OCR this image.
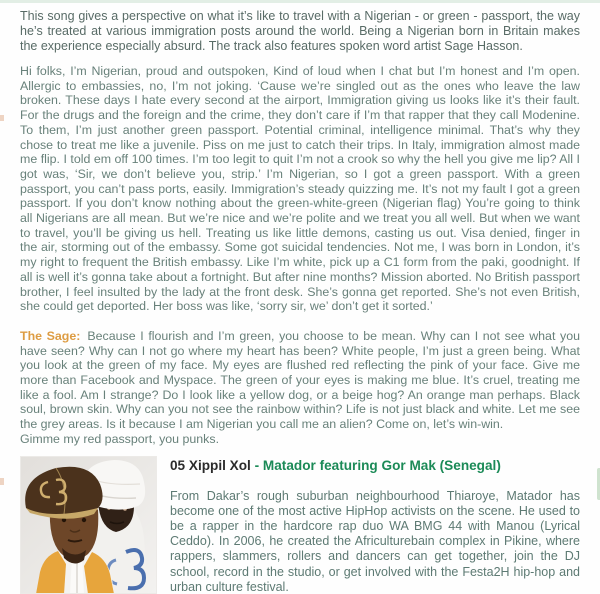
This song gives a perspective on what it’s like to travel with a Nigerian - or green - passport, the way he’s treated at various immigration posts around the world. Being a Nigerian born in Britain makes the experience especially absurd. The track also features spoken word artist Sage Hasson.

Hi folks, I’m Nigerian, proud and outspoken, Kind of loud when I chat but I’m honest and I’m open. Allergic to embassies, no, I’m not joking. ‘Cause we’re singled out as the ones who leave the law broken. These days I hate every second at the airport, Immigration giving us looks like it’s their fault. For the drugs and the foreign and the crime, they don’t care if I’m that rapper that they call Modenine. To them, I’m just another green passport. Potential criminal, intelligence minimal. That’s why they chose to treat me like a juvenile. Piss on me just to catch their trips. In Italy, immigration almost made me flip. I told em off 100 times. I’m too legit to quit I’m not a crook so why the hell you give me lip? All I got was, ‘Sir, we don’t believe you, strip.’ I’m Nigerian, so I got a green passport. With a green passport, you can’t pass ports, easily. Immigration’s steady quizzing me. It’s not my fault I got a green passport. If you don’t know nothing about the green-white-green (Nigerian flag) You’re going to think all Nigerians are all mean. But we’re nice and we’re polite and we treat you all well. But when we want to travel, you’ll be giving us hell. Treating us like little demons, casting us out. Visa denied, finger in the air, storming out of the embassy. Some got suicidal tendencies. Not me, I was born in London, it’s my right to frequent the British embassy. Like I’m white, pick up a C1 form from the paki, goodnight. If all is well it’s gonna take about a fortnight. But after nine months? Mission aborted. No British passport brother, I feel insulted by the lady at the front desk. She’s gonna get reported. She’s not even British, she could get deported. Her boss was like, ‘sorry sir, we’ don’t get it sorted.’

The Sage: Because I flourish and I’m green, you choose to be mean. Why can I not see what you have seen? Why can I not go where my heart has been? White people, I’m just a green being. What you look at the green of my face. My eyes are flushed red reflecting the pink of your face. Give me more than Facebook and Myspace. The green of your eyes is making me blue. It’s cruel, treating me like a fool. Am I strange? Do I look like a yellow dog, or a beige hog? An orange man perhaps. Black soul, brown skin. Why can you not see the rainbow within? Life is not just black and white. Let me see the grey areas. Is it because I am Nigerian you call me an alien? Come on, let’s win-win.
Gimme my red passport, you punks.

05 Xippil Xol - Matador featuring Gor Mak (Senegal)

From Dakar’s rough suburban neighbourhood Thiaroye, Matador has become one of the most active HipHop activists on the scene. He used to be a rapper in the hardcore rap duo WA BMG 44 with Manou (Lyrical Ceddo). In 2006, he created the Africulturebain complex in Pikine, where rappers, slammers, rollers and dancers can get together, join the DJ school, record in the studio, or get involved with the Festa2H hip-hop and urban culture festival.
